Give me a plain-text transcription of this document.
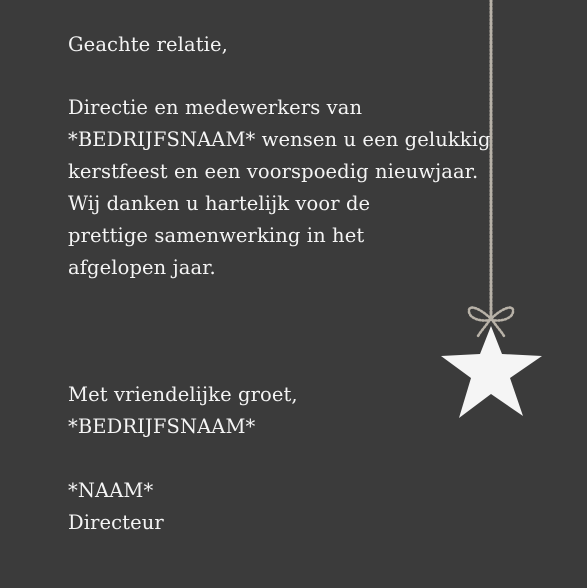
Geachte relatie,
Directie en medewerkers van
*BEDRIJFSNAAM* wensen u een gelukkig
kerstfeest en een voorspoedig nieuwjaar.
Wij danken u hartelijk voor de
prettige samenwerking in het
afgelopen jaar.
Met vriendelijke groet,
*BEDRIJFSNAAM*
*NAAM*
Directeur
